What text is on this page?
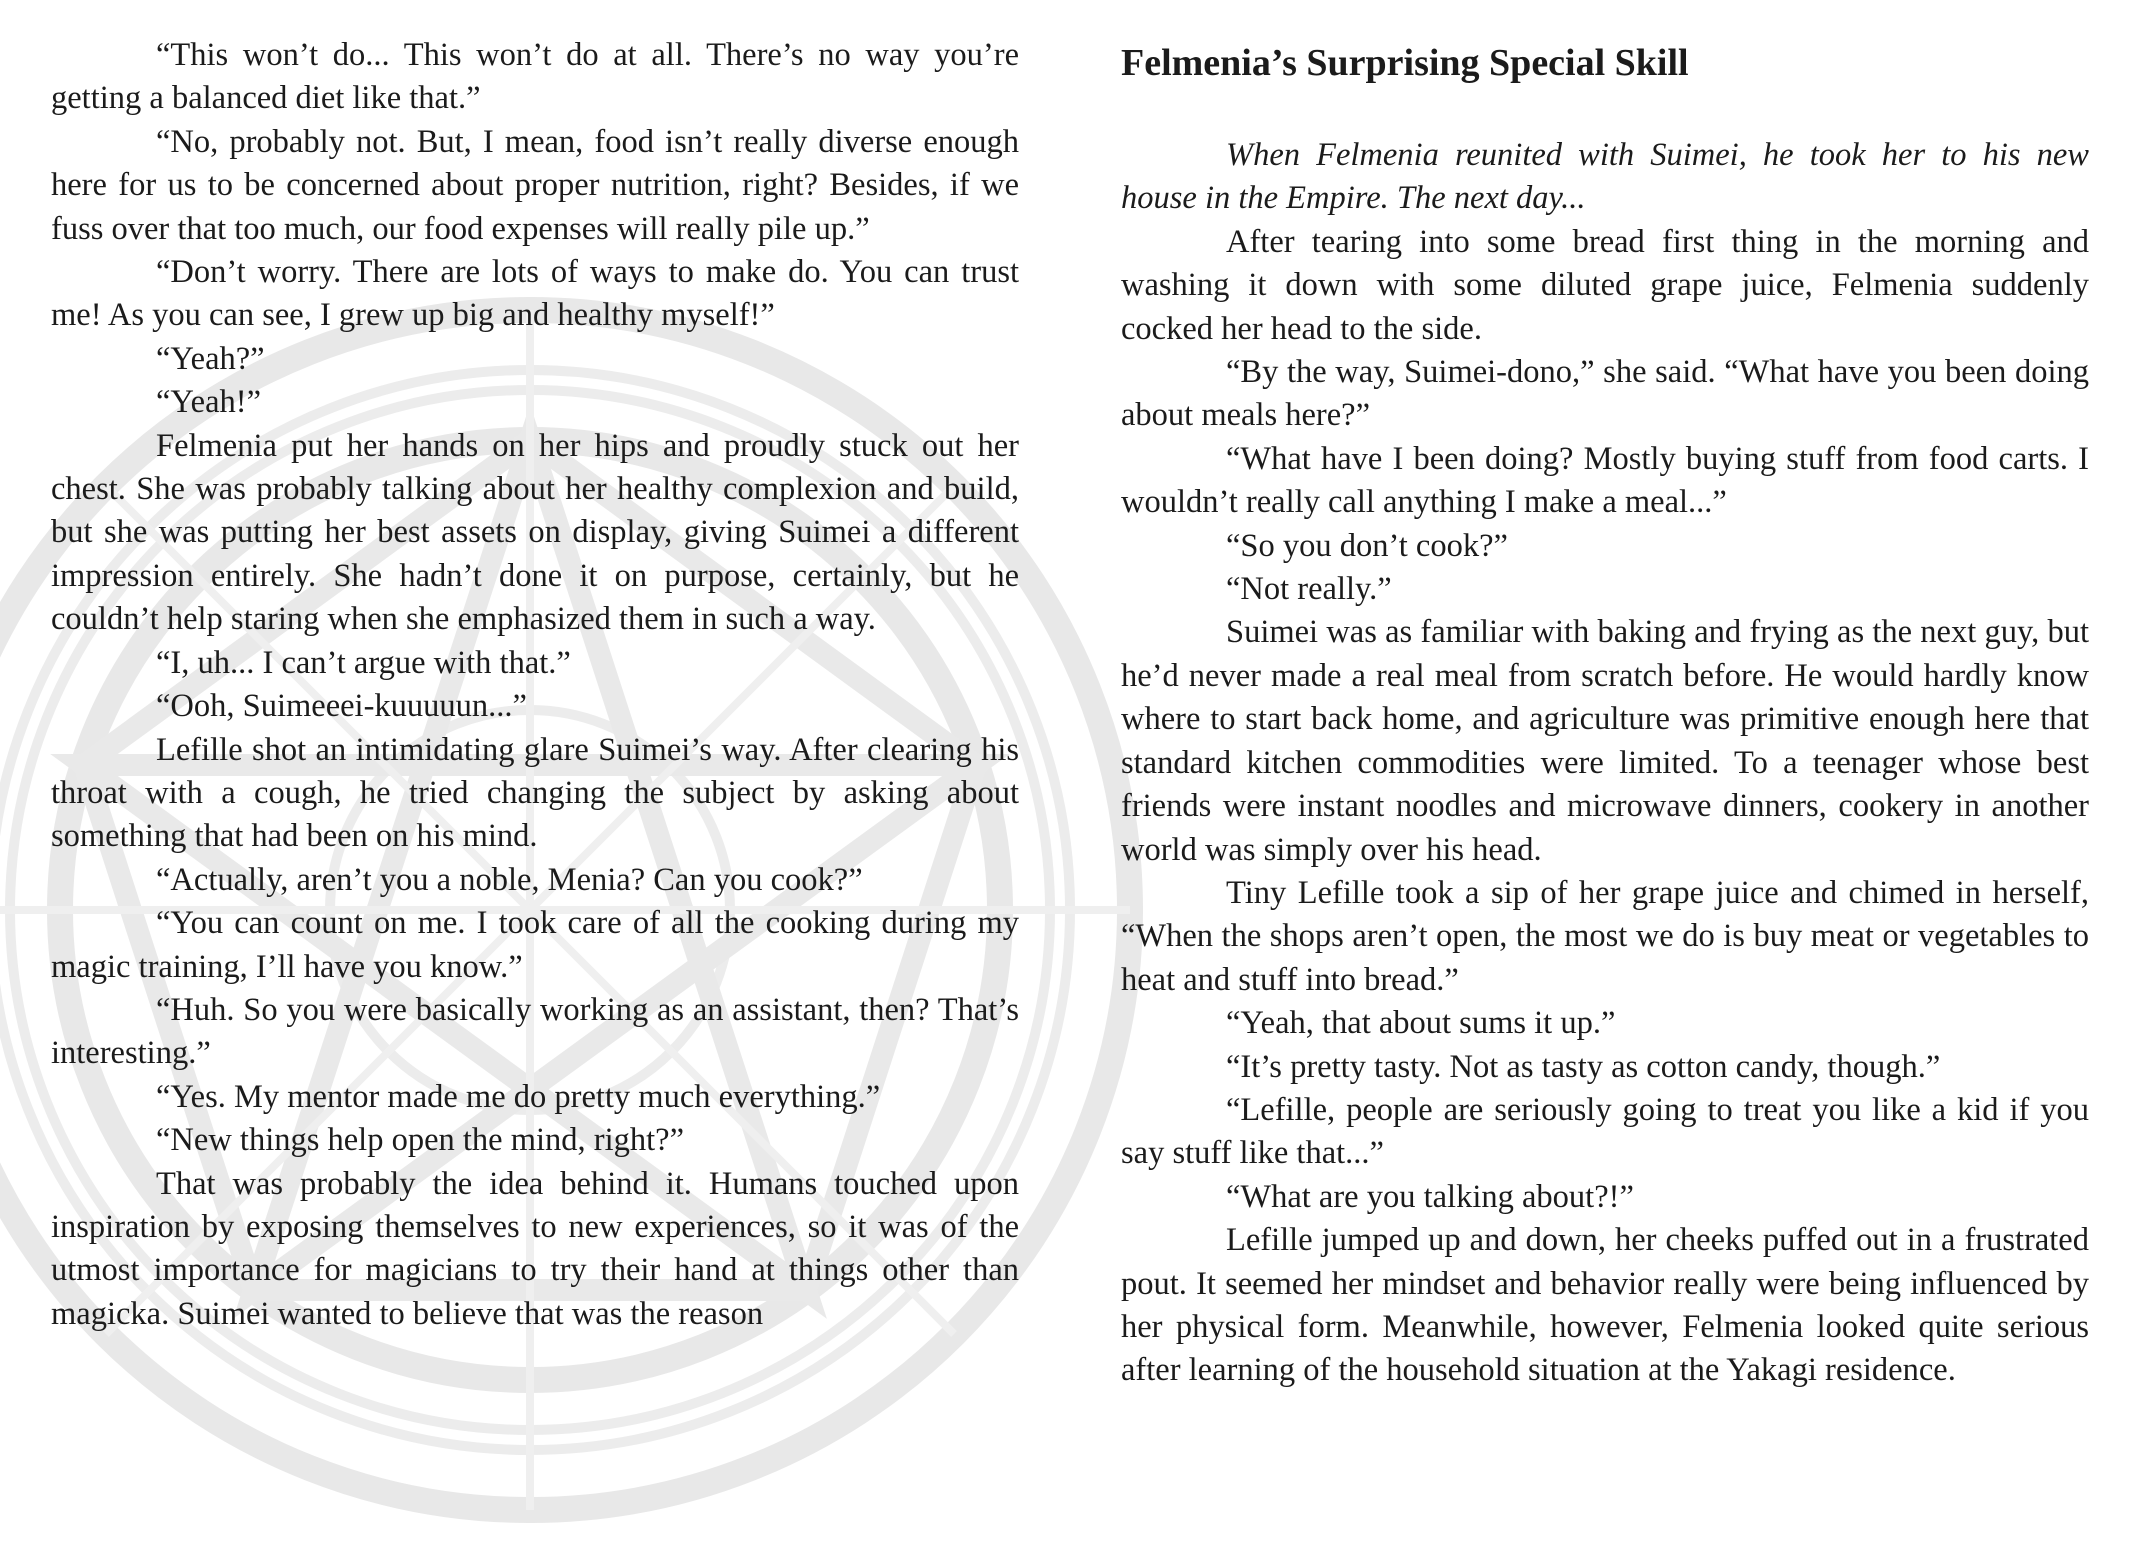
“This won’t do... This won’t do at all. There’s no way you’re getting a balanced diet like that.”

“No, probably not. But, I mean, food isn’t really diverse enough here for us to be concerned about proper nutrition, right? Besides, if we fuss over that too much, our food expenses will really pile up.”

“Don’t worry. There are lots of ways to make do. You can trust me! As you can see, I grew up big and healthy myself!”

“Yeah?”

“Yeah!”

Felmenia put her hands on her hips and proudly stuck out her chest. She was probably talking about her healthy complexion and build, but she was putting her best assets on display, giving Suimei a different impression entirely. She hadn’t done it on purpose, certainly, but he couldn’t help staring when she emphasized them in such a way.

“I, uh... I can’t argue with that.”

“Ooh, Suimeeei-kuuuuun...”

Lefille shot an intimidating glare Suimei’s way. After clearing his throat with a cough, he tried changing the subject by asking about something that had been on his mind.

“Actually, aren’t you a noble, Menia? Can you cook?”

“You can count on me. I took care of all the cooking during my magic training, I’ll have you know.”

“Huh. So you were basically working as an assistant, then? That’s interesting.”

“Yes. My mentor made me do pretty much everything.”

“New things help open the mind, right?”

That was probably the idea behind it. Humans touched upon inspiration by exposing themselves to new experiences, so it was of the utmost importance for magicians to try their hand at things other than magicka. Suimei wanted to believe that was the reason

Felmenia’s Surprising Special Skill

When Felmenia reunited with Suimei, he took her to his new house in the Empire. The next day...

After tearing into some bread first thing in the morning and washing it down with some diluted grape juice, Felmenia suddenly cocked her head to the side.

“By the way, Suimei-dono,” she said. “What have you been doing about meals here?”

“What have I been doing? Mostly buying stuff from food carts. I wouldn’t really call anything I make a meal...”

“So you don’t cook?”

“Not really.”

Suimei was as familiar with baking and frying as the next guy, but he’d never made a real meal from scratch before. He would hardly know where to start back home, and agriculture was primitive enough here that standard kitchen commodities were limited. To a teenager whose best friends were instant noodles and microwave dinners, cookery in another world was simply over his head.

Tiny Lefille took a sip of her grape juice and chimed in herself, “When the shops aren’t open, the most we do is buy meat or vegetables to heat and stuff into bread.”

“Yeah, that about sums it up.”

“It’s pretty tasty. Not as tasty as cotton candy, though.”

“Lefille, people are seriously going to treat you like a kid if you say stuff like that...”

“What are you talking about?!”

Lefille jumped up and down, her cheeks puffed out in a frustrated pout. It seemed her mindset and behavior really were being influenced by her physical form. Meanwhile, however, Felmenia looked quite serious after learning of the household situation at the Yakagi residence.
